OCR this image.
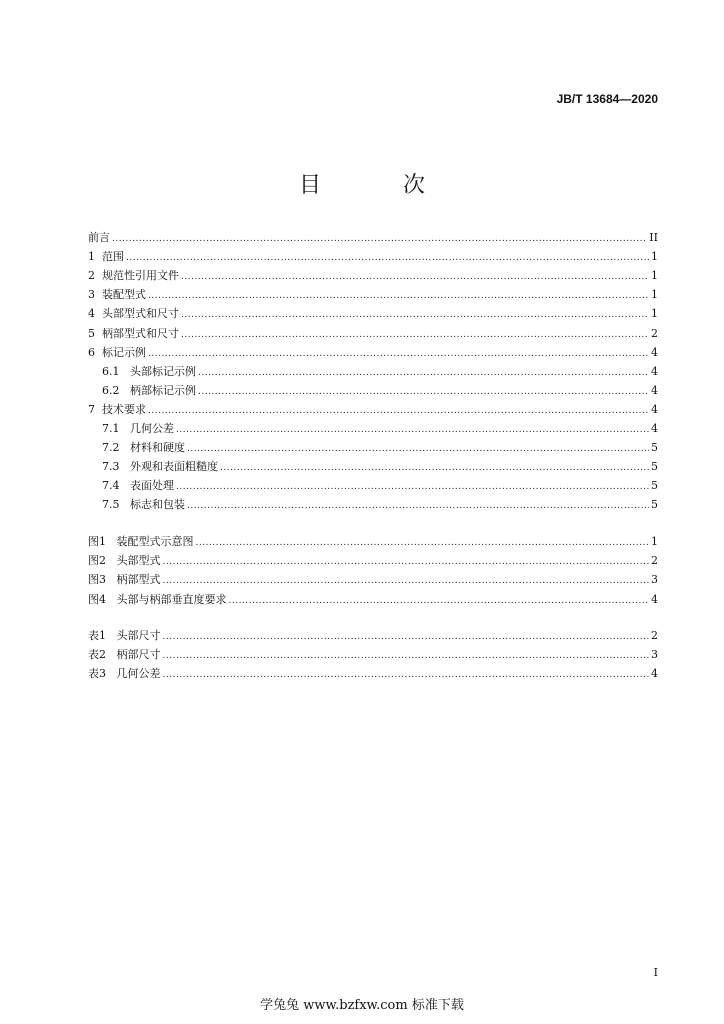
JB/T 13684—2020
目　次
前言 .....	II
1 范围 .....	1
2 规范性引用文件 .....	1
3 装配型式 .....	1
4 头部型式和尺寸 .....	1
5 柄部型式和尺寸 .....	2
6 标记示例 .....	4
6.1 头部标记示例 .....	4
6.2 柄部标记示例 .....	4
7 技术要求 .....	4
7.1 几何公差 .....	4
7.2 材料和硬度 .....	5
7.3 外观和表面粗糙度 .....	5
7.4 表面处理 .....	5
7.5 标志和包装 .....	5
图1 装配型式示意图 .....	1
图2 头部型式 .....	2
图3 柄部型式 .....	3
图4 头部与柄部垂直度要求 .....	4
表1 头部尺寸 .....	2
表2 柄部尺寸 .....	3
表3 几何公差 .....	4
I
学兔兔 www.bzfxw.com 标准下载
